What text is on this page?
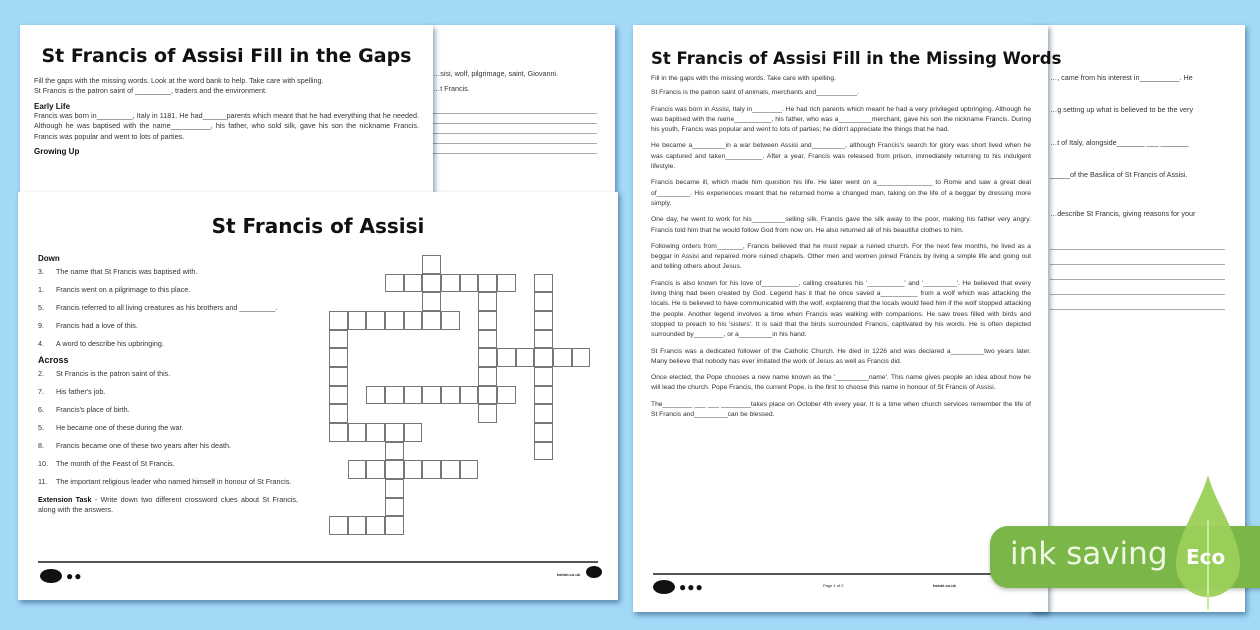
…sisi, wolf, pilgrimage, saint, Giovanni.
…t Francis.
St Francis of Assisi Fill in the Gaps
Fill the gaps with the missing words. Look at the word bank to help. Take care with spelling.
St Francis is the patron saint of _________, traders and the environment.
Early Life
Francis was born in_________, Italy in 1181. He had______parents which meant that he had everything that he needed. Although he was baptised with the name__________, his father, who sold silk, gave his son the nickname Francis. Francis was popular and went to lots of parties.
Growing Up
St Francis of Assisi
Down
3.	The name that St Francis was baptised with.
1.	Francis went on a pilgrimage to this place.
5.	Francis referred to all living creatures as his brothers and _________.
9.	Francis had a love of this.
4.	A word to describe his upbringing.
Across
2.	St Francis is the patron saint of this.
7.	His father's job.
6.	Francis's place of birth.
5.	He became one of these during the war.
8.	Francis became one of these two years after his death.
10. The month of the Feast of St Francis.
11. The important religious leader who named himself in honour of St Francis.
Extension Task - Write down two different crossword clues about St Francis, along with the answers.
●●	twinkl.co.uk
…, came from his interest in__________. He
…g setting up what is believed to be the very
…t of Italy, alongside_______ ___ _______
_____of the Basilica of St Francis of Assisi.
…describe St Francis, giving reasons for your
St Francis of Assisi Fill in the Missing Words
Fill in the gaps with the missing words. Take care with spelling.
St Francis is the patron saint of animals, merchants and___________.
Francis was born in Assisi, Italy in________. He had rich parents which meant he had a very privileged upbringing. Although he was baptised with the name__________, his father, who was a_________merchant, gave his son the nickname Francis. During his youth, Francis was popular and went to lots of parties; he didn't appreciate the things that he had.
He became a_________in a war between Assisi and_________, although Francis's search for glory was short lived when he was captured and taken__________. After a year, Francis was released from prison, immediately returning to his indulgent lifestyle.
Francis became ill, which made him question his life. He later went on a_______________ to Rome and saw a great deal of_________. His experiences meant that he returned home a changed man, taking on the life of a beggar by dressing more simply.
One day, he went to work for his_________selling silk. Francis gave the silk away to the poor, making his father very angry. Francis told him that he would follow God from now on. He also returned all of his beautiful clothes to him.
Following orders from_______, Francis believed that he must repair a ruined church. For the next few months, he lived as a beggar in Assisi and repaired more ruined chapels. Other men and women joined Francis by living a simple life and going out and telling others about Jesus.
Francis is also known for his love of__________, calling creatures his '__________' and '_________'. He believed that every living thing had been created by God. Legend has it that he once saved a__________ from a wolf which was attacking the locals. He is believed to have communicated with the wolf, explaining that the locals would feed him if the wolf stopped attacking the people. Another legend involves a time when Francis was walking with companions. He saw trees filled with birds and stopped to preach to his 'sisters'. It is said that the birds surrounded Francis, captivated by his words. He is often depicted surrounded by________, or a_________in his hand.
St Francis was a dedicated follower of the Catholic Church. He died in 1226 and was declared a_________two years later. Many believe that nobody has ever imitated the work of Jesus as well as Francis did.
Once elected, the Pope chooses a new name known as the '_________name'. This name gives people an idea about how he will lead the church. Pope Francis, the current Pope, is the first to choose this name in honour of St Francis of Assisi.
The________ ___ ___ ________takes place on October 4th every year. It is a time when church services remember the life of St Francis and_________can be blessed.
●●●	Page 1 of 2	twinkl.co.uk
ink saving Eco
